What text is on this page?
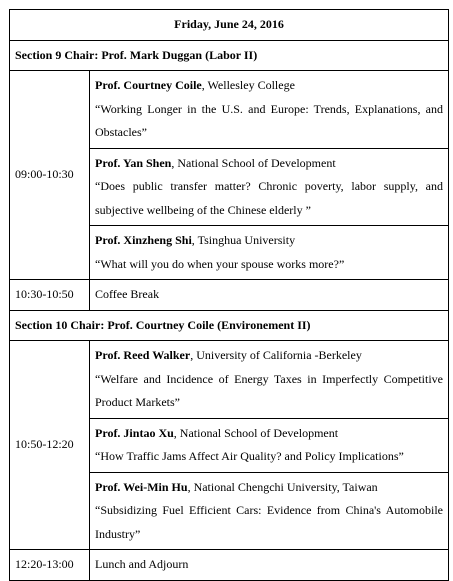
Friday, June 24, 2016	
Section 9 Chair: Prof. Mark Duggan (Labor II)	
09:00-10:30	Prof. Courtney Coile, Wellesley College
“Working Longer in the U.S. and Europe: Trends, Explanations, and Obstacles”

	Prof. Yan Shen, National School of Development
“Does public transfer matter? Chronic poverty, labor supply, and subjective wellbeing of the Chinese elderly ”

	Prof. Xinzheng Shi, Tsinghua University
“What will you do when your spouse works more?”

10:30-10:50	Coffee Break
Section 10 Chair: Prof. Courtney Coile (Environement II)	
10:50-12:20	Prof. Reed Walker, University of California -Berkeley
“Welfare and Incidence of Energy Taxes in Imperfectly Competitive Product Markets”

	Prof. Jintao Xu, National School of Development
“How Traffic Jams Affect Air Quality? and Policy Implications”

	Prof. Wei-Min Hu, National Chengchi University, Taiwan
“Subsidizing Fuel Efficient Cars: Evidence from China's Automobile Industry”

12:20-13:00	Lunch and Adjourn
